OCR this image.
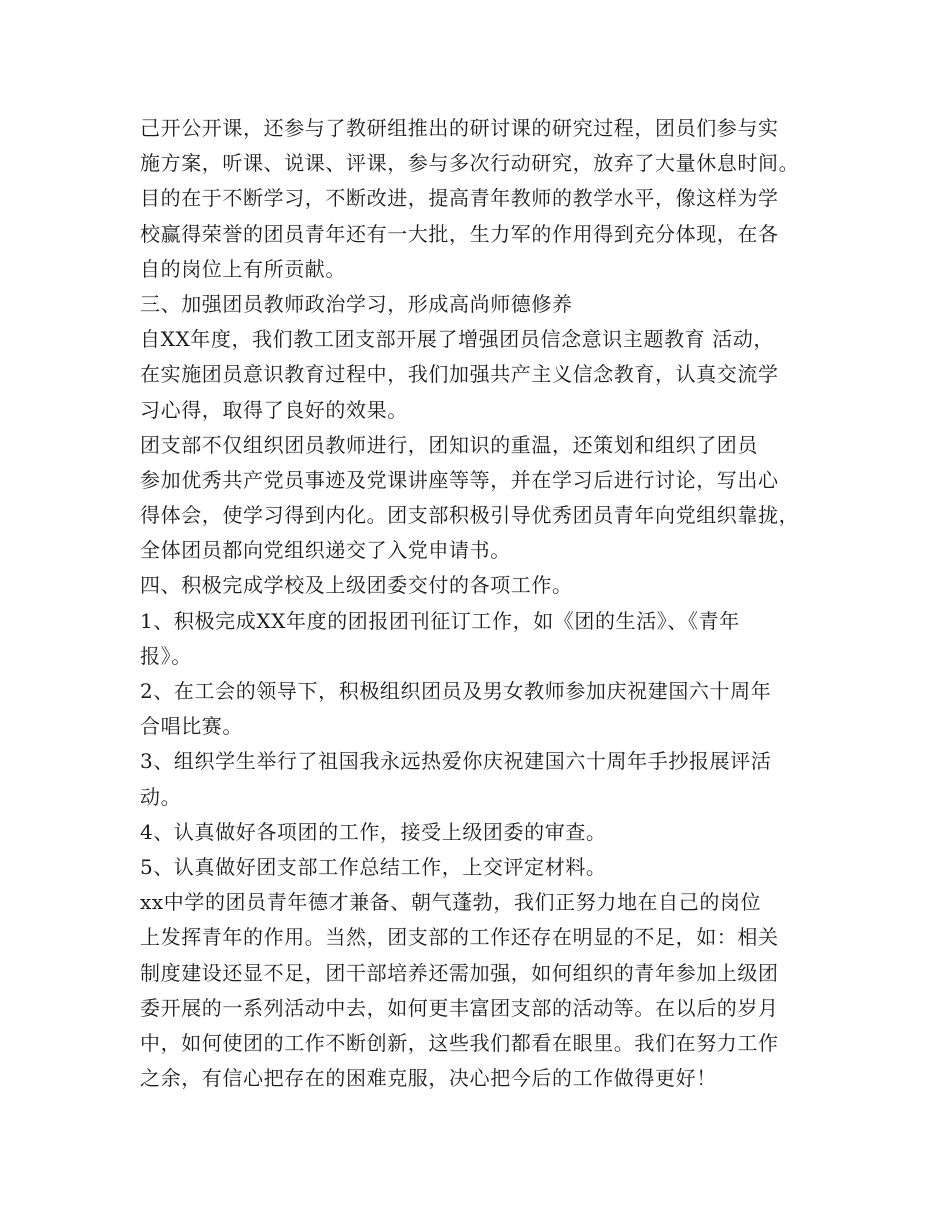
己开公开课，还参与了教研组推出的研讨课的研究过程，团员们参与实
施方案，听课、说课、评课，参与多次行动研究，放弃了大量休息时间。
目的在于不断学习，不断改进，提高青年教师的教学水平，像这样为学
校赢得荣誉的团员青年还有一大批，生力军的作用得到充分体现，在各
自的岗位上有所贡献。
三、加强团员教师政治学习，形成高尚师德修养
自XX年度，我们教工团支部开展了增强团员信念意识主题教育 活动，
在实施团员意识教育过程中，我们加强共产主义信念教育，认真交流学
习心得，取得了良好的效果。
团支部不仅组织团员教师进行，团知识的重温，还策划和组织了团员
参加优秀共产党员事迹及党课讲座等等，并在学习后进行讨论，写出心
得体会，使学习得到内化。团支部积极引导优秀团员青年向党组织靠拢，
全体团员都向党组织递交了入党申请书。
四、积极完成学校及上级团委交付的各项工作。
1、积极完成XX年度的团报团刊征订工作，如《团的生活》、《青年
报》。
2、在工会的领导下，积极组织团员及男女教师参加庆祝建国六十周年
合唱比赛。
3、组织学生举行了祖国我永远热爱你庆祝建国六十周年手抄报展评活
动。
4、认真做好各项团的工作，接受上级团委的审查。
5、认真做好团支部工作总结工作，上交评定材料。
xx中学的团员青年德才兼备、朝气蓬勃，我们正努力地在自己的岗位
上发挥青年的作用。当然，团支部的工作还存在明显的不足，如：相关
制度建设还显不足，团干部培养还需加强，如何组织的青年参加上级团
委开展的一系列活动中去，如何更丰富团支部的活动等。在以后的岁月
中，如何使团的工作不断创新，这些我们都看在眼里。我们在努力工作
之余，有信心把存在的困难克服，决心把今后的工作做得更好！
